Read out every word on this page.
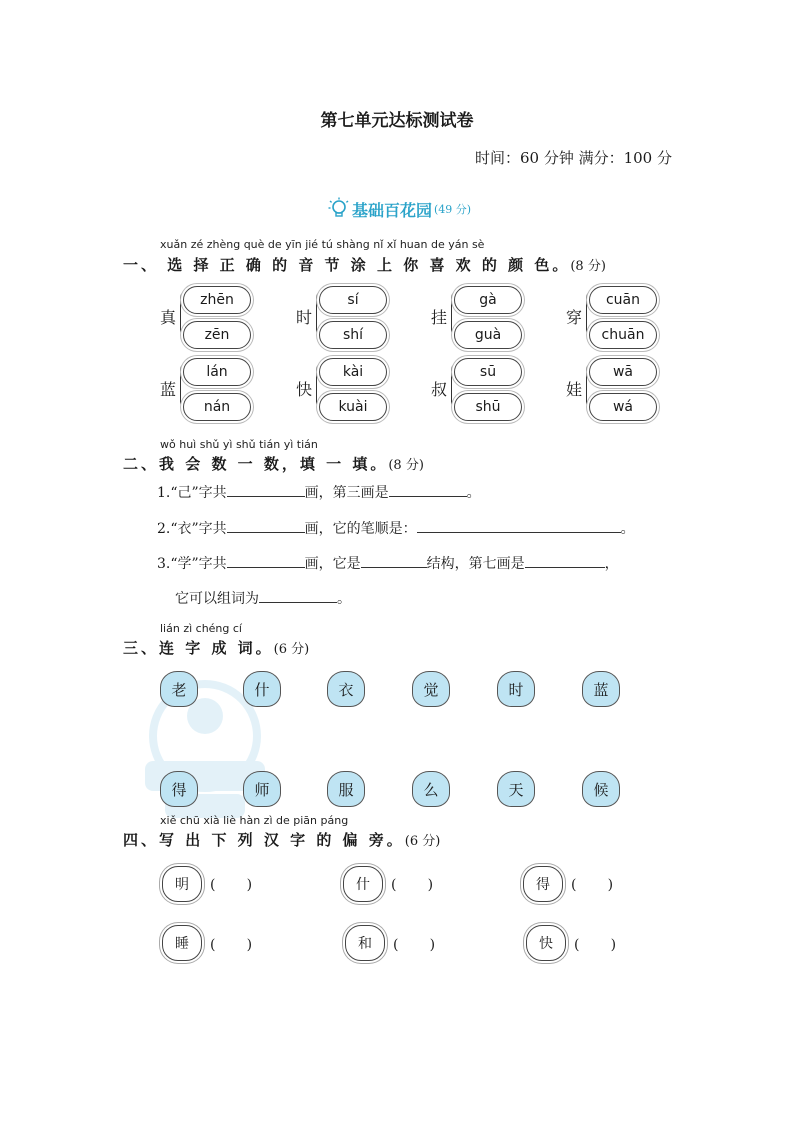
第七单元达标测试卷
时间：60 分钟 满分：100 分
基础百花园 (49 分)
xuǎn zé zhèng què de yīn jié tú shàng nǐ xǐ huan de yán sè
一、 选 择 正 确 的 音 节 涂 上 你 喜 欢 的 颜 色。(8 分)
真
zhēn
zēn
时
sí
shí
挂
gà
guà
穿
cuān
chuān
蓝
lán
nán
快
kài
kuài
叔
sū
shū
娃
wā
wá
wǒ huì shǔ yì shǔ tián yì tián
二、我 会 数 一 数，填 一 填。(8 分)
1.“己”字共	画，第三画是	。
2.“衣”字共	画，它的笔顺是：	。
3.“学”字共	画，它是	结构，第七画是	，
它可以组词为	。
lián zì chéng cí
三、连 字 成 词。(6 分)
老	什	衣	觉	时	蓝
得	师	服	么	天	候
xiě chū xià liè hàn zì de piān páng
四、写 出 下 列 汉 字 的 偏 旁。(6 分)
明	(       )	什	(       )	得	(       )
睡	(       )	和	(       )	快	(       )
